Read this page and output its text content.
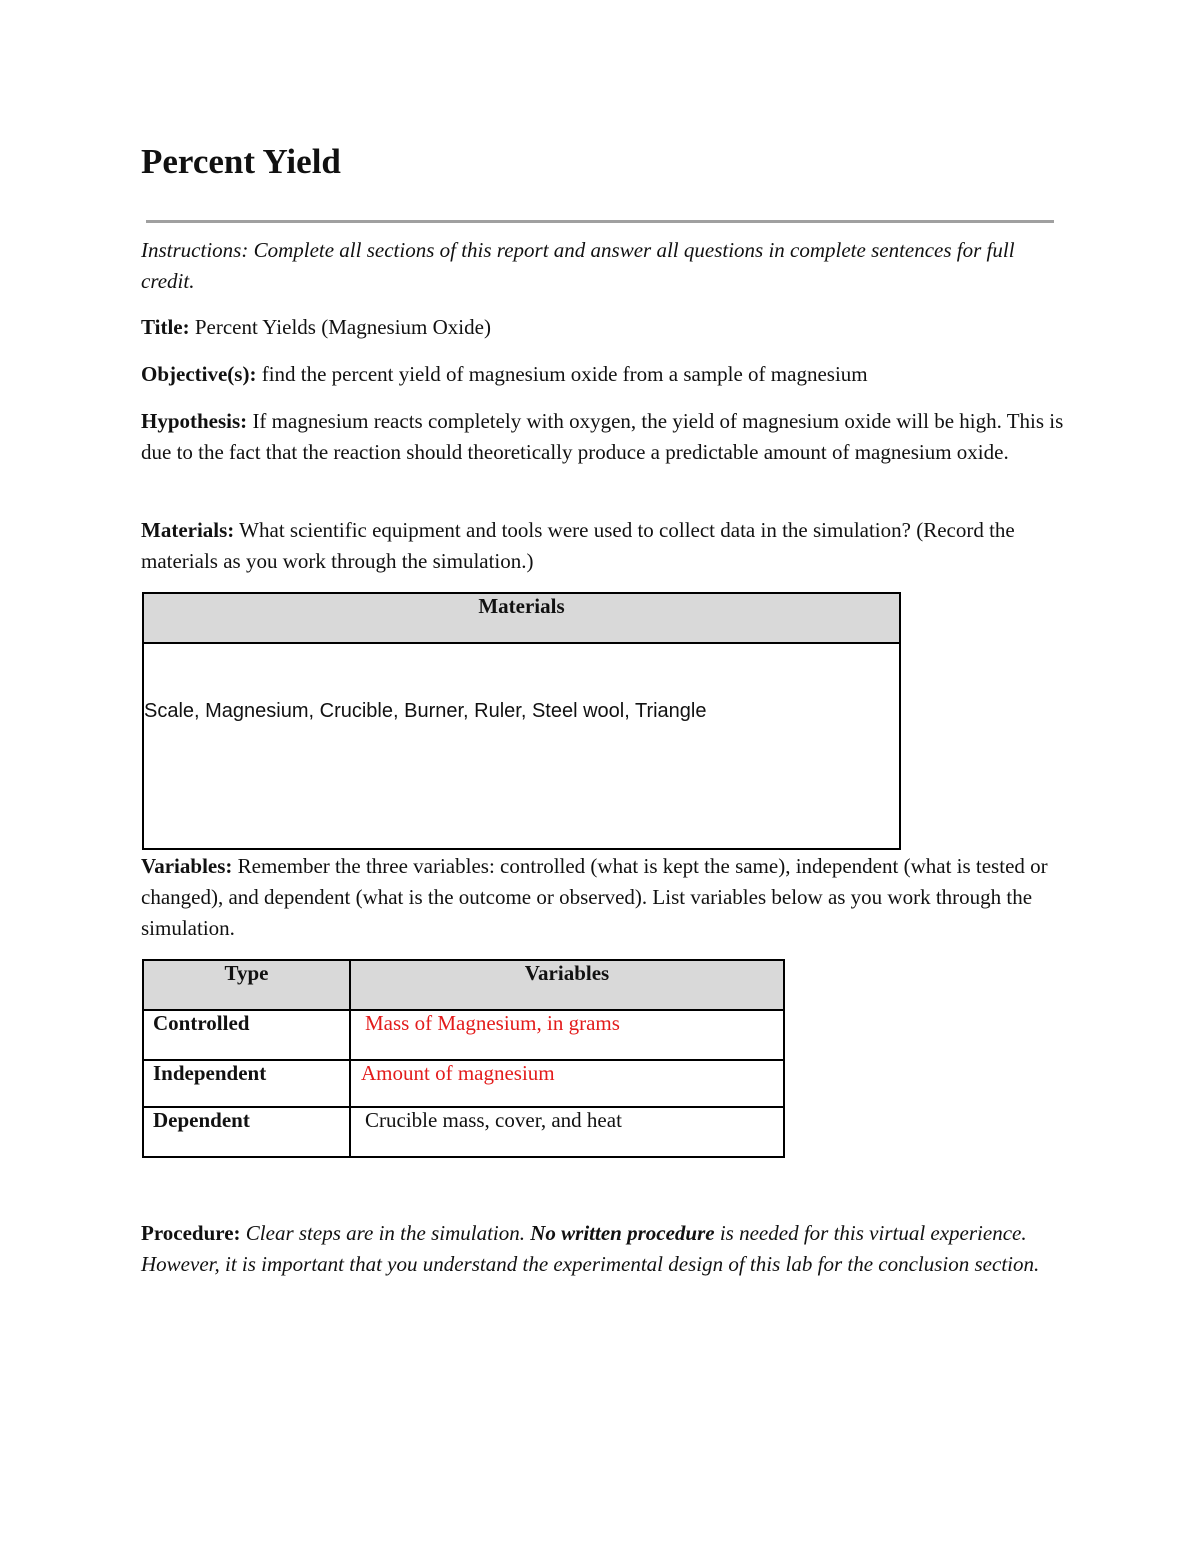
Percent Yield

Instructions: Complete all sections of this report and answer all questions in complete sentences for full credit.

Title: Percent Yields (Magnesium Oxide)

Objective(s): find the percent yield of magnesium oxide from a sample of magnesium

Hypothesis: If magnesium reacts completely with oxygen, the yield of magnesium oxide will be high. This is due to the fact that the reaction should theoretically produce a predictable amount of magnesium oxide.

Materials: What scientific equipment and tools were used to collect data in the simulation? (Record the materials as you work through the simulation.)

Materials
Scale, Magnesium, Crucible, Burner, Ruler, Steel wool, Triangle

Variables: Remember the three variables: controlled (what is kept the same), independent (what is tested or changed), and dependent (what is the outcome or observed). List variables below as you work through the simulation.

Type	Variables
Controlled	Mass of Magnesium, in grams
Independent	Amount of magnesium
Dependent	Crucible mass, cover, and heat

Procedure: Clear steps are in the simulation. No written procedure is needed for this virtual experience. However, it is important that you understand the experimental design of this lab for the conclusion section.
